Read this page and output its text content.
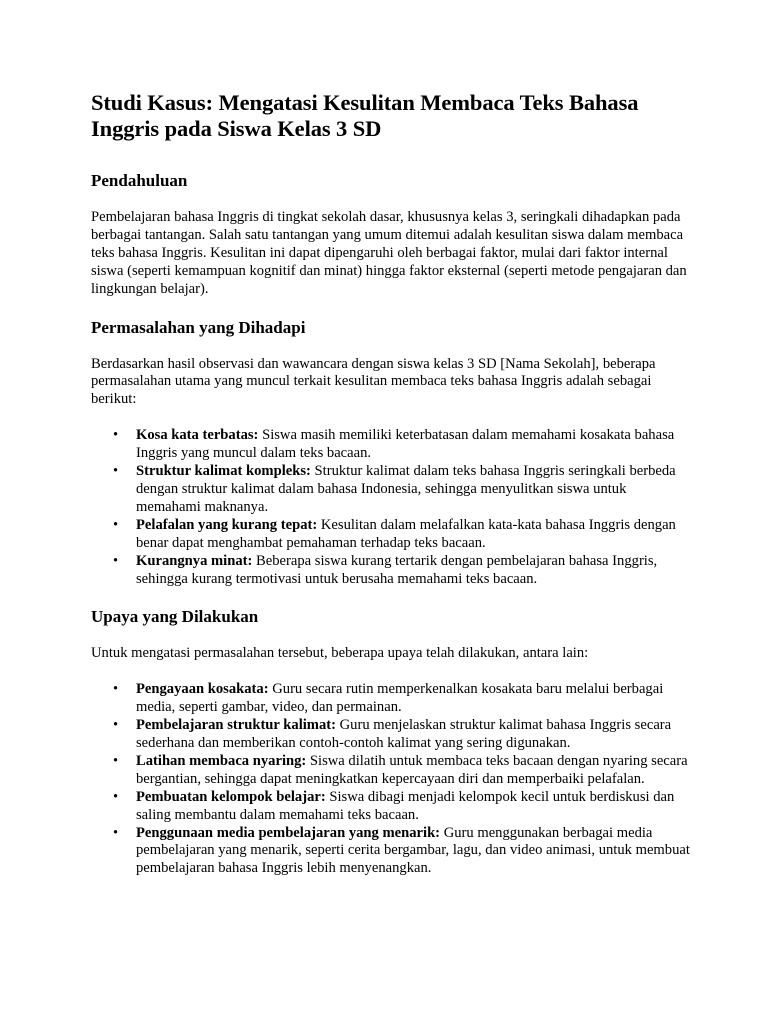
Studi Kasus: Mengatasi Kesulitan Membaca Teks Bahasa Inggris pada Siswa Kelas 3 SD
Pendahuluan

Pembelajaran bahasa Inggris di tingkat sekolah dasar, khususnya kelas 3, seringkali dihadapkan pada berbagai tantangan. Salah satu tantangan yang umum ditemui adalah kesulitan siswa dalam membaca teks bahasa Inggris. Kesulitan ini dapat dipengaruhi oleh berbagai faktor, mulai dari faktor internal siswa (seperti kemampuan kognitif dan minat) hingga faktor eksternal (seperti metode pengajaran dan lingkungan belajar).

Permasalahan yang Dihadapi

Berdasarkan hasil observasi dan wawancara dengan siswa kelas 3 SD [Nama Sekolah], beberapa permasalahan utama yang muncul terkait kesulitan membaca teks bahasa Inggris adalah sebagai berikut:

• Kosa kata terbatas: Siswa masih memiliki keterbatasan dalam memahami kosakata bahasa Inggris yang muncul dalam teks bacaan.
• Struktur kalimat kompleks: Struktur kalimat dalam teks bahasa Inggris seringkali berbeda dengan struktur kalimat dalam bahasa Indonesia, sehingga menyulitkan siswa untuk memahami maknanya.
• Pelafalan yang kurang tepat: Kesulitan dalam melafalkan kata-kata bahasa Inggris dengan benar dapat menghambat pemahaman terhadap teks bacaan.
• Kurangnya minat: Beberapa siswa kurang tertarik dengan pembelajaran bahasa Inggris, sehingga kurang termotivasi untuk berusaha memahami teks bacaan.
Upaya yang Dilakukan

Untuk mengatasi permasalahan tersebut, beberapa upaya telah dilakukan, antara lain:

• Pengayaan kosakata: Guru secara rutin memperkenalkan kosakata baru melalui berbagai media, seperti gambar, video, dan permainan.
• Pembelajaran struktur kalimat: Guru menjelaskan struktur kalimat bahasa Inggris secara sederhana dan memberikan contoh-contoh kalimat yang sering digunakan.
• Latihan membaca nyaring: Siswa dilatih untuk membaca teks bacaan dengan nyaring secara bergantian, sehingga dapat meningkatkan kepercayaan diri dan memperbaiki pelafalan.
• Pembuatan kelompok belajar: Siswa dibagi menjadi kelompok kecil untuk berdiskusi dan saling membantu dalam memahami teks bacaan.
• Penggunaan media pembelajaran yang menarik: Guru menggunakan berbagai media pembelajaran yang menarik, seperti cerita bergambar, lagu, dan video animasi, untuk membuat pembelajaran bahasa Inggris lebih menyenangkan.
